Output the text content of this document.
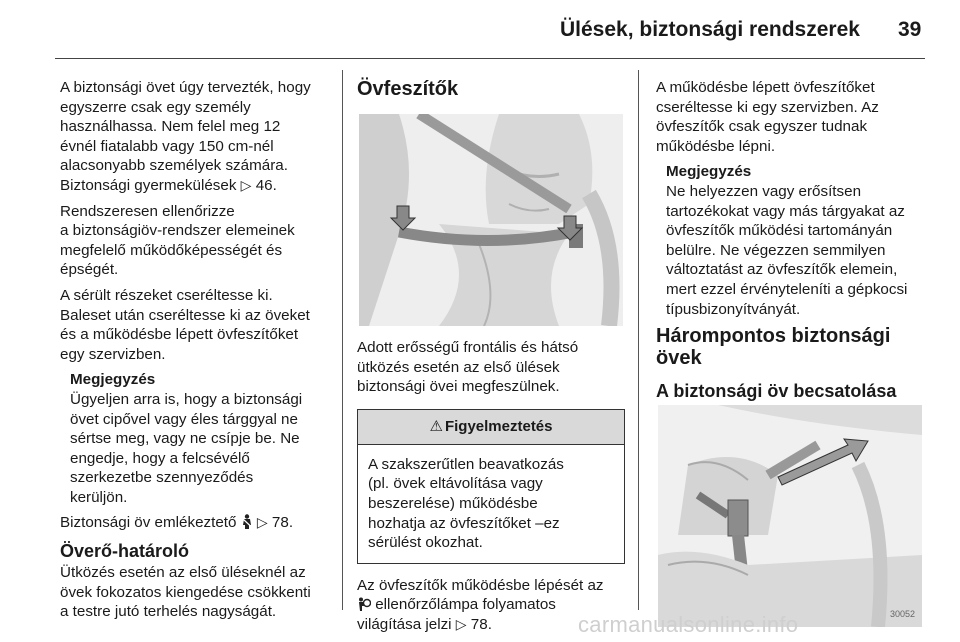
Ülések, biztonsági rendszerek 39

A biztonsági övet úgy tervezték, hogy
egyszerre csak egy személy
használhassa. Nem felel meg 12
évnél fiatalabb vagy 150 cm-nél
alacsonyabb személyek számára.
Biztonsági gyermekülések ▷ 46.

Rendszeresen ellenőrizze
a biztonságiöv-rendszer elemeinek
megfelelő működőképességét és
épségét.

A sérült részeket cseréltesse ki.
Baleset után cseréltesse ki az öveket
és a működésbe lépett övfeszítőket
egy szervizben.

Megjegyzés

Ügyeljen arra is, hogy a biztonsági
övet cipővel vagy éles tárggyal ne
sértse meg, vagy ne csípje be. Ne
engedje, hogy a felcsévélő
szerkezetbe szennyeződés
kerüljön.

Biztonsági öv emlékeztető ▷ 78.

Överő-határoló

Ütközés esetén az első üléseknél az
övek fokozatos kiengedése csökkenti
a testre jutó terhelés nagyságát.

Övfeszítők

Adott erősségű frontális és hátsó
ütközés esetén az első ülések
biztonsági övei megfeszülnek.

⚠ Figyelmeztetés
A szakszerűtlen beavatkozás
(pl. övek eltávolítása vagy
beszerelése) működésbe
hozhatja az övfeszítőket –ez
sérülést okozhat.

Az övfeszítők működésbe lépését az
ellenőrzőlámpa folyamatos
világítása jelzi ▷ 78.

A működésbe lépett övfeszítőket
cseréltesse ki egy szervizben. Az
övfeszítők csak egyszer tudnak
működésbe lépni.

Megjegyzés

Ne helyezzen vagy erősítsen
tartozékokat vagy más tárgyakat az
övfeszítők működési tartományán
belülre. Ne végezzen semmilyen
változtatást az övfeszítők elemein,
mert ezzel érvényteleníti a gépkocsi
típusbizonyítványát.

Hárompontos biztonsági övek
A biztonsági öv becsatolása
30052
carmanualsonline.info
